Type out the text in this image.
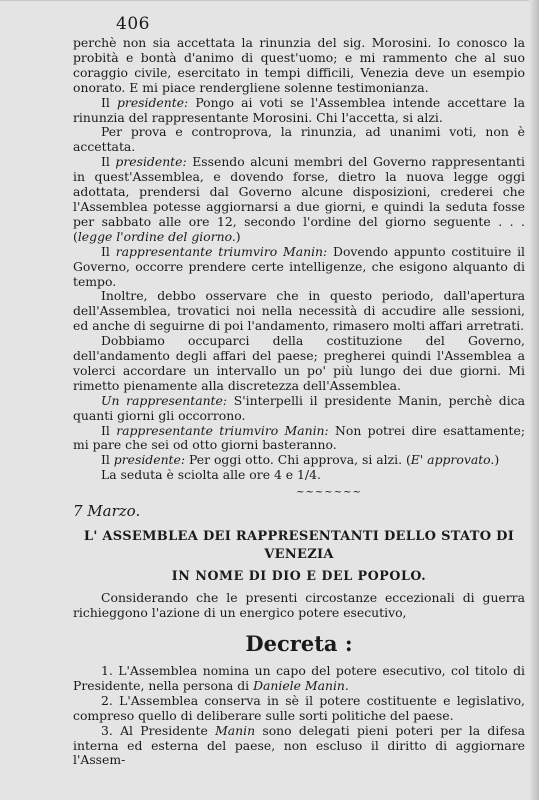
406

perchè non sia accettata la rinunzia del sig. Morosini. Io conosco la probità e bontà d'animo di quest'uomo; e mi rammento che al suo coraggio civile, esercitato in tempi difficili, Venezia deve un esempio onorato. E mi piace rendergliene solenne testimonianza.

Il presidente: Pongo ai voti se l'Assemblea intende accettare la rinunzia del rappresentante Morosini. Chi l'accetta, si alzi.

Per prova e controprova, la rinunzia, ad unanimi voti, non è accettata.

Il presidente: Essendo alcuni membri del Governo rappresentanti in quest'Assemblea, e dovendo forse, dietro la nuova legge oggi adottata, prendersi dal Governo alcune disposizioni, crederei che l'Assemblea potesse aggiornarsi a due giorni, e quindi la seduta fosse per sabbato alle ore 12, secondo l'ordine del giorno seguente . . . (legge l'ordine del giorno.)

Il rappresentante triumviro Manin: Dovendo appunto costituire il Governo, occorre prendere certe intelligenze, che esigono alquanto di tempo.

Inoltre, debbo osservare che in questo periodo, dall'apertura dell'Assemblea, trovatici noi nella necessità di accudire alle sessioni, ed anche di seguirne di poi l'andamento, rimasero molti affari arretrati.

Dobbiamo occuparci della costituzione del Governo, dell'andamento degli affari del paese; pregherei quindi l'Assemblea a volerci accordare un intervallo un po' più lungo dei due giorni. Mi rimetto pienamente alla discretezza dell'Assemblea.

Un rappresentante: S'interpelli il presidente Manin, perchè dica quanti giorni gli occorrono.

Il rappresentante triumviro Manin: Non potrei dire esattamente; mi pare che sei od otto giorni basteranno.

Il presidente: Per oggi otto. Chi approva, si alzi. (E' approvato.)

La seduta è sciolta alle ore 4 e 1/4.

~~~~~~~
7 Marzo.
L' ASSEMBLEA DEI RAPPRESENTANTI DELLO STATO DI VENEZIA
IN NOME DI DIO E DEL POPOLO.

Considerando che le presenti circostanze eccezionali di guerra richieggono l'azione di un energico potere esecutivo,

Decreta :

1. L'Assemblea nomina un capo del potere esecutivo, col titolo di Presidente, nella persona di Daniele Manin.

2. L'Assemblea conserva in sè il potere costituente e legislativo, compreso quello di deliberare sulle sorti politiche del paese.

3. Al Presidente Manin sono delegati pieni poteri per la difesa interna ed esterna del paese, non escluso il diritto di aggiornare l'Assem-
